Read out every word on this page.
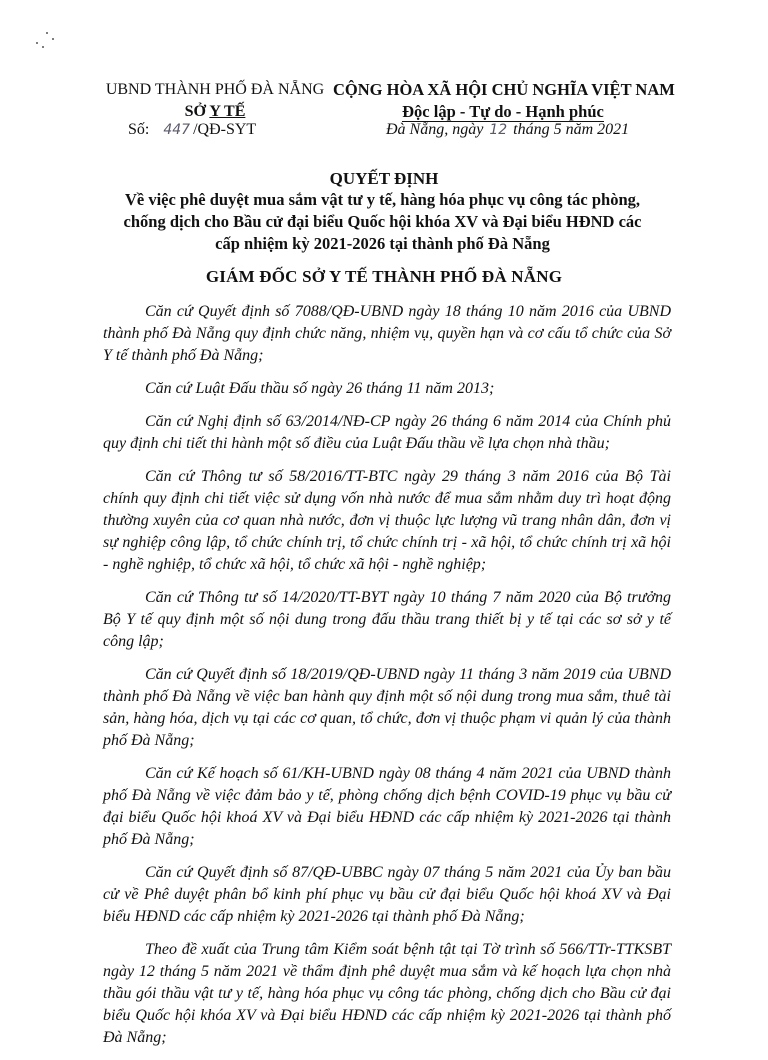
UBND THÀNH PHỐ ĐÀ NẴNG
SỞ Y TẾ
CỘNG HÒA XÃ HỘI CHỦ NGHĨA VIỆT NAM
Độc lập - Tự do - Hạnh phúc
Số: 447 /QĐ-SYT	Đà Nẵng, ngày 12 tháng 5 năm 2021
QUYẾT ĐỊNH
Về việc phê duyệt mua sắm vật tư y tế, hàng hóa phục vụ công tác phòng, chống dịch cho Bầu cử đại biểu Quốc hội khóa XV và Đại biểu HĐND các cấp nhiệm kỳ 2021-2026 tại thành phố Đà Nẵng
GIÁM ĐỐC SỞ Y TẾ THÀNH PHỐ ĐÀ NẴNG

Căn cứ Quyết định số 7088/QĐ-UBND ngày 18 tháng 10 năm 2016 của UBND thành phố Đà Nẵng quy định chức năng, nhiệm vụ, quyền hạn và cơ cấu tổ chức của Sở Y tế thành phố Đà Nẵng;

Căn cứ Luật Đấu thầu số ngày 26 tháng 11 năm 2013;

Căn cứ Nghị định số 63/2014/NĐ-CP ngày 26 tháng 6 năm 2014 của Chính phủ quy định chi tiết thi hành một số điều của Luật Đấu thầu về lựa chọn nhà thầu;

Căn cứ Thông tư số 58/2016/TT-BTC ngày 29 tháng 3 năm 2016 của Bộ Tài chính quy định chi tiết việc sử dụng vốn nhà nước để mua sắm nhằm duy trì hoạt động thường xuyên của cơ quan nhà nước, đơn vị thuộc lực lượng vũ trang nhân dân, đơn vị sự nghiệp công lập, tổ chức chính trị, tổ chức chính trị - xã hội, tổ chức chính trị xã hội - nghề nghiệp, tổ chức xã hội, tổ chức xã hội - nghề nghiệp;

Căn cứ Thông tư số 14/2020/TT-BYT ngày 10 tháng 7 năm 2020 của Bộ trưởng Bộ Y tế quy định một số nội dung trong đấu thầu trang thiết bị y tế tại các sơ sở y tế công lập;

Căn cứ Quyết định số 18/2019/QĐ-UBND ngày 11 tháng 3 năm 2019 của UBND thành phố Đà Nẵng về việc ban hành quy định một số nội dung trong mua sắm, thuê tài sản, hàng hóa, dịch vụ tại các cơ quan, tổ chức, đơn vị thuộc phạm vi quản lý của thành phố Đà Nẵng;

Căn cứ Kế hoạch số 61/KH-UBND ngày 08 tháng 4 năm 2021 của UBND thành phố Đà Nẵng về việc đảm bảo y tế, phòng chống dịch bệnh COVID-19 phục vụ bầu cử đại biểu Quốc hội khoá XV và Đại biểu HĐND các cấp nhiệm kỳ 2021-2026 tại thành phố Đà Nẵng;

Căn cứ Quyết định số 87/QĐ-UBBC ngày 07 tháng 5 năm 2021 của Ủy ban bầu cử về Phê duyệt phân bổ kinh phí phục vụ bầu cử đại biểu Quốc hội khoá XV và Đại biểu HĐND các cấp nhiệm kỳ 2021-2026 tại thành phố Đà Nẵng;

Theo đề xuất của Trung tâm Kiểm soát bệnh tật tại Tờ trình số 566/TTr-TTKSBT ngày 12 tháng 5 năm 2021 về thẩm định phê duyệt mua sắm và kế hoạch lựa chọn nhà thầu gói thầu vật tư y tế, hàng hóa phục vụ công tác phòng, chống dịch cho Bầu cử đại biểu Quốc hội khóa XV và Đại biểu HĐND các cấp nhiệm kỳ 2021-2026 tại thành phố Đà Nẵng;
